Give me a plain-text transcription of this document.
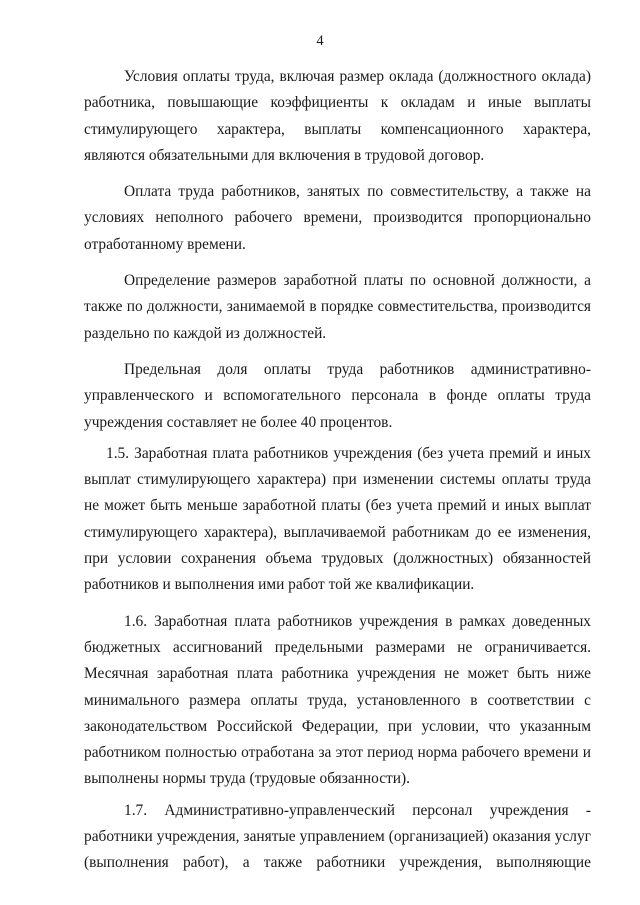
4

Условия оплаты труда, включая размер оклада (должностного оклада) работника, повышающие коэффициенты к окладам и иные выплаты стимулирующего характера, выплаты компенсационного характера, являются обязательными для включения в трудовой договор.

Оплата труда работников, занятых по совместительству, а также на условиях неполного рабочего времени, производится пропорционально отработанному времени.

Определение размеров заработной платы по основной должности, а также по должности, занимаемой в порядке совместительства, производится раздельно по каждой из должностей.

Предельная доля оплаты труда работников административно-управленческого и вспомогательного персонала в фонде оплаты труда учреждения составляет не более 40 процентов.

1.5. Заработная плата работников учреждения (без учета премий и иных выплат стимулирующего характера) при изменении системы оплаты труда не может быть меньше заработной платы (без учета премий и иных выплат стимулирующего характера), выплачиваемой работникам до ее изменения, при условии сохранения объема трудовых (должностных) обязанностей работников и выполнения ими работ той же квалификации.

1.6. Заработная плата работников учреждения в рамках доведенных бюджетных ассигнований предельными размерами не ограничивается. Месячная заработная плата работника учреждения не может быть ниже минимального размера оплаты труда, установленного в соответствии с законодательством Российской Федерации, при условии, что указанным работником полностью отработана за этот период норма рабочего времени и выполнены нормы труда (трудовые обязанности).

1.7. Административно-управленческий персонал учреждения - работники учреждения, занятые управлением (организацией) оказания услуг (выполнения работ), а также работники учреждения, выполняющие
